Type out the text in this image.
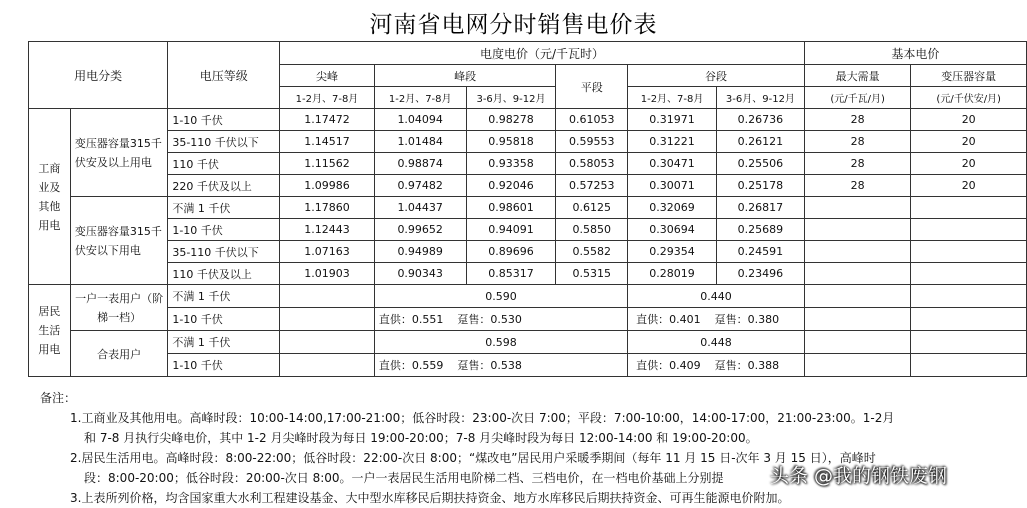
河南省电网分时销售电价表
用电分类		电压等级	电度电价（元/千瓦时）						基本电价	
			尖峰	峰段		平段	谷段		最大需量	变压器容量
			1-2月、7-8月	1-2月、7-8月	3-6月、9-12月		1-2月、7-8月	3-6月、9-12月	(元/千瓦/月)	(元/千伏安/月)
工商业及其他用电	变压器容量315千伏安及以上用电	1-10 千伏	1.17472	1.04094	0.98278	0.61053	0.31971	0.26736	28	20
		35-110 千伏以下	1.14517	1.01484	0.95818	0.59553	0.31221	0.26121	28	20
		110 千伏	1.11562	0.98874	0.93358	0.58053	0.30471	0.25506	28	20
		220 千伏及以上	1.09986	0.97482	0.92046	0.57253	0.30071	0.25178	28	20
	变压器容量315千伏安以下用电	不满 1 千伏	1.17860	1.04437	0.98601	0.6125	0.32069	0.26817		
		1-10 千伏	1.12443	0.99652	0.94091	0.5850	0.30694	0.25689		
		35-110 千伏以下	1.07163	0.94989	0.89696	0.5582	0.29354	0.24591		
		110 千伏及以上	1.01903	0.90343	0.85317	0.5315	0.28019	0.23496		
居民生活用电	一户一表用户（阶梯一档）	不满 1 千伏		0.590			0.440			
		1-10 千伏		直供：0.551 趸售：0.530			直供：0.401 趸售：0.380			
	合表用户	不满 1 千伏		0.598			0.448			
		1-10 千伏		直供：0.559 趸售：0.538			直供：0.409 趸售：0.388			
备注：
1.工商业及其他用电。高峰时段：10:00-14:00,17:00-21:00；低谷时段：23:00-次日 7:00；平段：7:00-10:00，14:00-17:00，21:00-23:00。1-2月
和 7-8 月执行尖峰电价，其中 1-2 月尖峰时段为每日 19:00-20:00；7-8 月尖峰时段为每日 12:00-14:00 和 19:00-20:00。
2.居民生活用电。高峰时段：8:00-22:00；低谷时段：22:00-次日 8:00；“煤改电”居民用户采暖季期间（每年 11 月 15 日-次年 3 月 15 日），高峰时
段：8:00-20:00；低谷时段：20:00-次日 8:00。一户一表居民生活用电阶梯二档、三档电价，在一档电价基础上分别提
3.上表所列价格，均含国家重大水利工程建设基金、大中型水库移民后期扶持资金、地方水库移民后期扶持资金、可再生能源电价附加。
头条 @我的钢铁废钢
